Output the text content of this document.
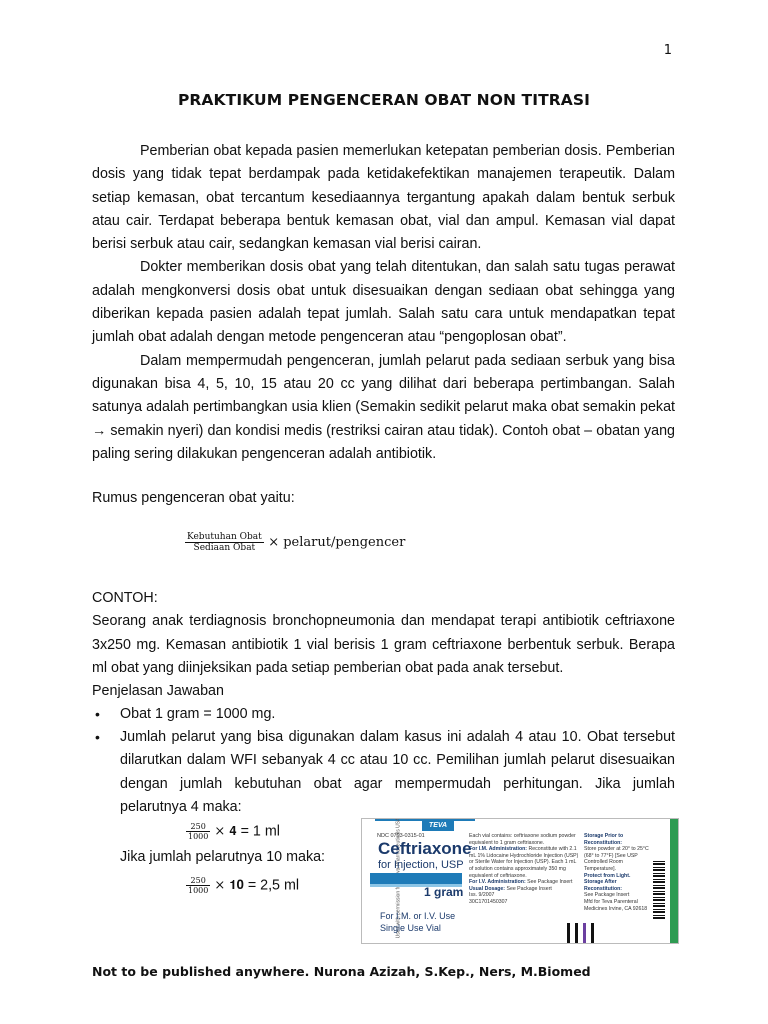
1
PRAKTIKUM PENGENCERAN OBAT NON TITRASI

Pemberian obat kepada pasien memerlukan ketepatan pemberian dosis. Pemberian dosis yang tidak tepat berdampak pada ketidakefektikan manajemen terapeutik. Dalam setiap kemasan, obat tercantum kesediaannya tergantung apakah dalam bentuk serbuk atau cair. Terdapat beberapa bentuk kemasan obat, vial dan ampul. Kemasan vial dapat berisi serbuk atau cair, sedangkan kemasan vial berisi cairan.

Dokter memberikan dosis obat yang telah ditentukan, dan salah satu tugas perawat adalah mengkonversi dosis obat untuk disesuaikan dengan sediaan obat sehingga yang diberikan kepada pasien adalah tepat jumlah. Salah satu cara untuk mendapatkan tepat jumlah obat adalah dengan metode pengenceran atau “pengoplosan obat”.

Dalam mempermudah pengenceran, jumlah pelarut pada sediaan serbuk yang bisa digunakan bisa 4, 5, 10, 15 atau 20 cc yang dilihat dari beberapa pertimbangan. Salah satunya adalah pertimbangkan usia klien (Semakin sedikit pelarut maka obat semakin pekat → semakin nyeri) dan kondisi medis (restriksi cairan atau tidak). Contoh obat – obatan yang paling sering dilakukan pengenceran adalah antibiotik.

Rumus pengenceran obat yaitu:

$\frac{\text{Kebutuhan Obat}}{\text{Sediaan Obat}}$ × pelarut/pengencer

CONTOH:

Seorang anak terdiagnosis bronchopneumonia dan mendapat terapi antibiotik ceftriaxone 3x250 mg. Kemasan antibiotik 1 vial berisis 1 gram ceftriaxone berbentuk serbuk. Berapa ml obat yang diinjeksikan pada setiap pemberian obat pada anak tersebut.

Penjelasan Jawaban

• Obat 1 gram = 1000 mg.
• Jumlah pelarut yang bisa digunakan dalam kasus ini adalah 4 atau 10. Obat tersebut dilarutkan dalam WFI sebanyak 4 cc atau 10 cc. Pemilihan jumlah pelarut disesuaikan dengan jumlah kebutuhan obat agar mempermudah perhitungan. Jika jumlah pelarutnya 4 maka:
$\frac{250}{1000}$ × 𝟒 = 1 ml
Jika jumlah pelarutnya 10 maka:
$\frac{250}{1000}$ × 𝟏𝟎 = 2,5 ml
TEVA
NDC 0703-0315-01
Ceftriaxone
for Injection, USP
1 gram
For I.M. or I.V. Use
Single Use Vial
Each vial contains: ceftriaxone sodium powder equivalent to 1 gram ceftriaxone.
For I.M. Administration: Reconstitute with 2.1 mL 1% Lidocaine Hydrochloride Injection (USP) or Sterile Water for Injection (USP). Each 1 mL of solution contains approximately 350 mg equivalent of ceftriaxone.
For I.V. Administration: See Package Insert
Usual Dosage: See Package Insert
Iss. 9/2007
30C1701450307
Storage Prior to Reconstitution:
Store powder at 20° to 25°C (68° to 77°F) [See USP Controlled Room Temperature].
Protect from Light.
Storage After Reconstitution:
See Package Insert
Mfd for Teva Parenteral Medicines Irvine, CA 92618
Not to be published anywhere. Nurona Azizah, S.Kep., Ners, M.Biomed
